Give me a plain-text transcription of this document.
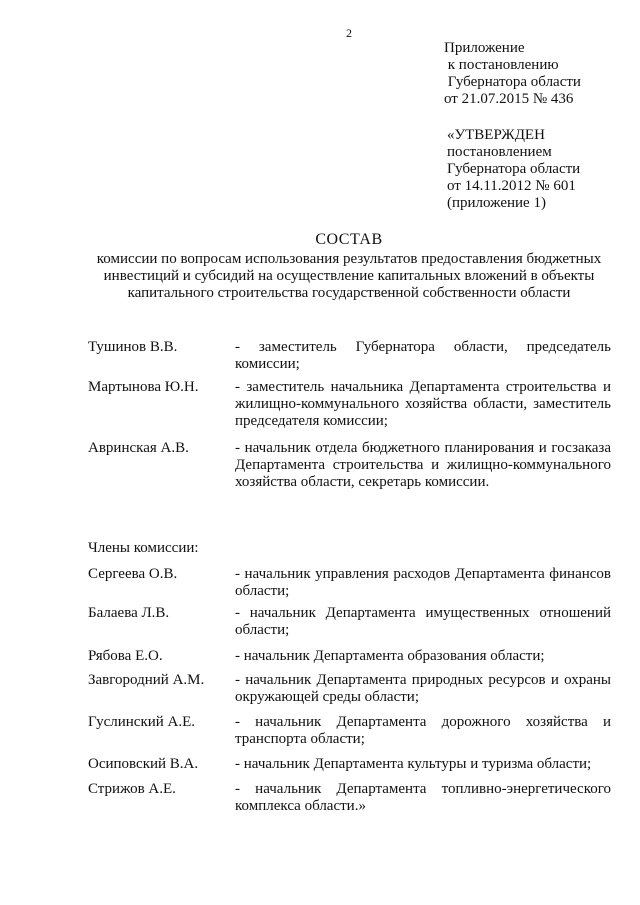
2
Приложение
к постановлению
Губернатора области
от 21.07.2015 № 436
«УТВЕРЖДЕН
постановлением
Губернатора области
от 14.11.2012 № 601
(приложение 1)
СОСТАВ
комиссии по вопросам использования результатов предоставления бюджетных инвестиций и субсидий на осуществление капитальных вложений в объекты капитального строительства государственной собственности области
Тушинов В.В.	- заместитель Губернатора области, председатель комиссии;
Мартынова Ю.Н. - заместитель начальника Департамента строительства и жилищно-коммунального хозяйства области, заместитель председателя комиссии;
Авринская А.В.	- начальник отдела бюджетного планирования и госзаказа Департамента строительства и жилищно-коммунального хозяйства области, секретарь комиссии.
Члены комиссии:
Сергеева О.В.	- начальник управления расходов Департамента финансов области;
Балаева Л.В.	- начальник Департамента имущественных отношений области;
Рябова Е.О.	- начальник Департамента образования области;
Завгородний А.М. - начальник Департамента природных ресурсов и охраны окружающей среды области;
Гуслинский А.Е.	- начальник Департамента дорожного хозяйства и транспорта области;
Осиповский В.А. - начальник Департамента культуры и туризма области;
Стрижов А.Е.	- начальник Департамента топливно-энергетического комплекса области.»
